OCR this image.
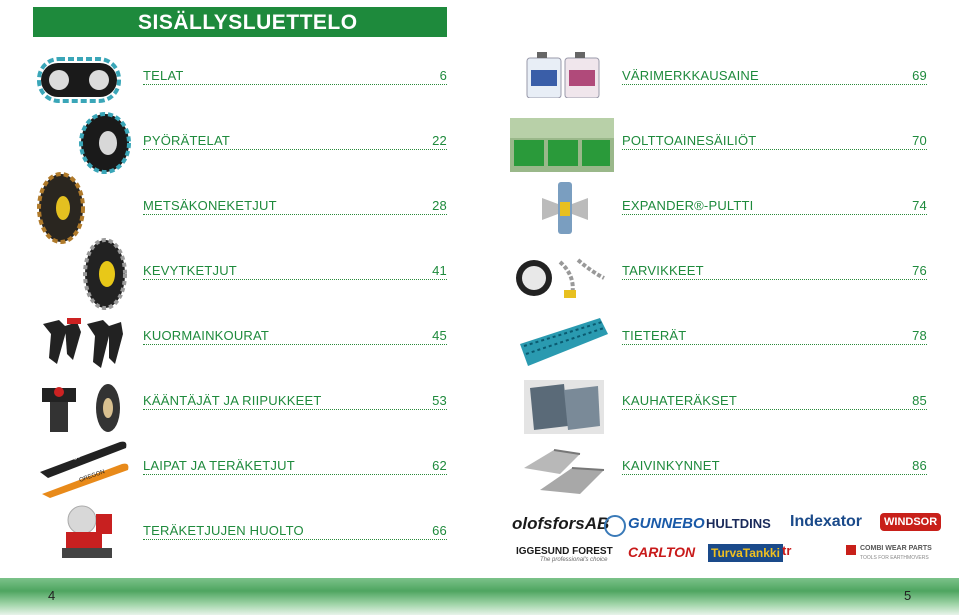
SISÄLLYSLUETTELO
TELAT	6
PYÖRÄTELAT	22
METSÄKONEKETJUT	28
KEVYTKETJUT	41
KUORMAINKOURAT	45
KÄÄNTÄJÄT JA RIIPUKKEET	53
LAIPAT JA TERÄKETJUT	62
TERÄKETJUJEN HUOLTO	66
VÄRIMERKKAUSAINE	69
POLTTOAINESÄILIÖT	70
EXPANDER®-PULTTI	74
TARVIKKEET	76
TIETERÄT	78
KAUHATERÄKSET	85
KAIVINKYNNET	86
87
OREGON
olofsforsAB GUNNEBO HULTDINS Indexator	WINDSOR
IGGESUND FOREST
The professional's choice CARLTON TurvaTankki tr	COMBI WEAR PARTS
TOOLS FOR EARTHMOVERS
4	5
